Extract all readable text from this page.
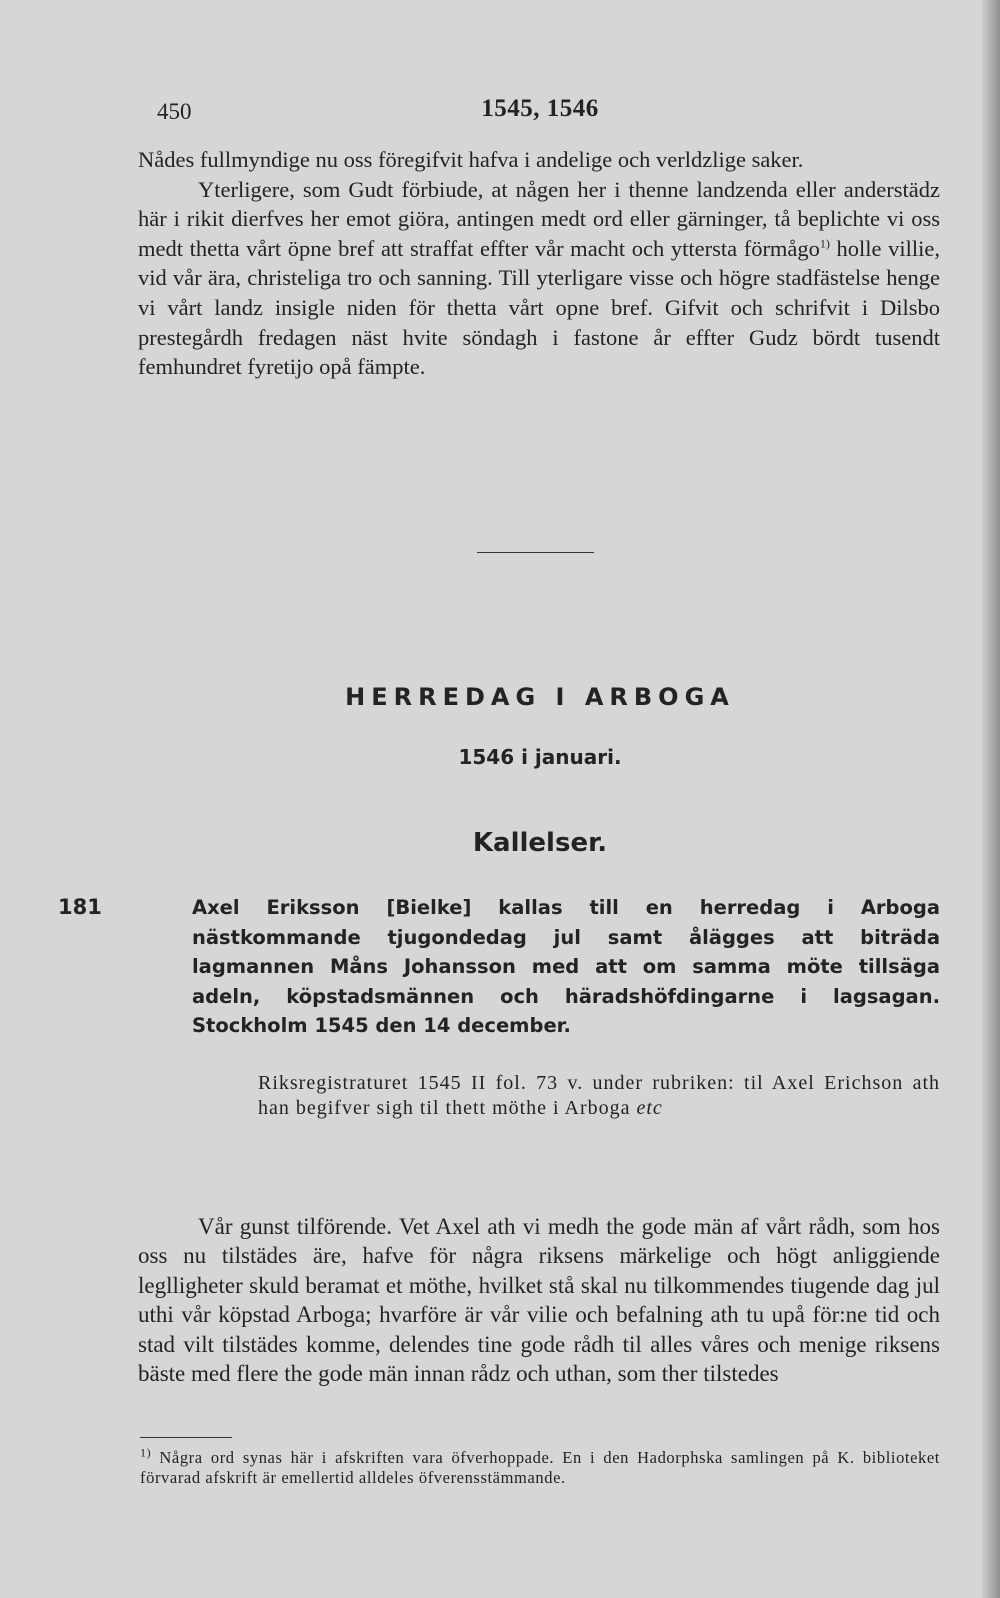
450	1545, 1546

Nådes fullmyndige nu oss föregifvit hafva i andelige och verldzlige saker.

Yterligere, som Gudt förbiude, at någen her i thenne landzenda eller anderstädz här i rikit dierfves her emot giöra, antingen medt ord eller gärninger, tå beplichte vi oss medt thetta vårt öpne bref att straffat effter vår macht och yttersta förmågo$^{1)}$ holle villie, vid vår ära, christeliga tro och sanning. Till yterligare visse och högre stadfästelse henge vi vårt landz insigle niden för thetta vårt opne bref. Gifvit och schrifvit i Dilsbo prestegårdh fredagen näst hvite söndagh i fastone år effter Gudz bördt tusendt femhundret fyretijo opå fämpte.

HERREDAG I ARBOGA
1546 i januari.
Kallelser.
181	Axel Eriksson [Bielke] kallas till en herredag i Arboga nästkommande tjugondedag jul samt ålägges att biträda lagmannen Måns Johansson med att om samma möte tillsäga adeln, köpstadsmännen och häradshöfdingarne i lagsagan. Stockholm 1545 den 14 december.
Riksregistraturet 1545 II fol. 73 v. under rubriken: til Axel Erichson ath han begifver sigh til thett möthe i Arboga etc

Vår gunst tilförende. Vet Axel ath vi medh the gode män af vårt rådh, som hos oss nu tilstädes äre, hafve för några riksens märkelige och högt anliggiende leglligheter skuld beramat et möthe, hvilket stå skal nu tilkommendes tiugende dag jul uthi vår köpstad Arboga; hvarföre är vår vilie och befalning ath tu upå för:ne tid och stad vilt tilstädes komme, delendes tine gode rådh til alles våres och menige riksens bäste med flere the gode män innan rådz och uthan, som ther tilstedes

$^{1)}$ Några ord synas här i afskriften vara öfverhoppade. En i den Hadorphska samlingen på K. biblioteket förvarad afskrift är emellertid alldeles öfverensstämmande.
